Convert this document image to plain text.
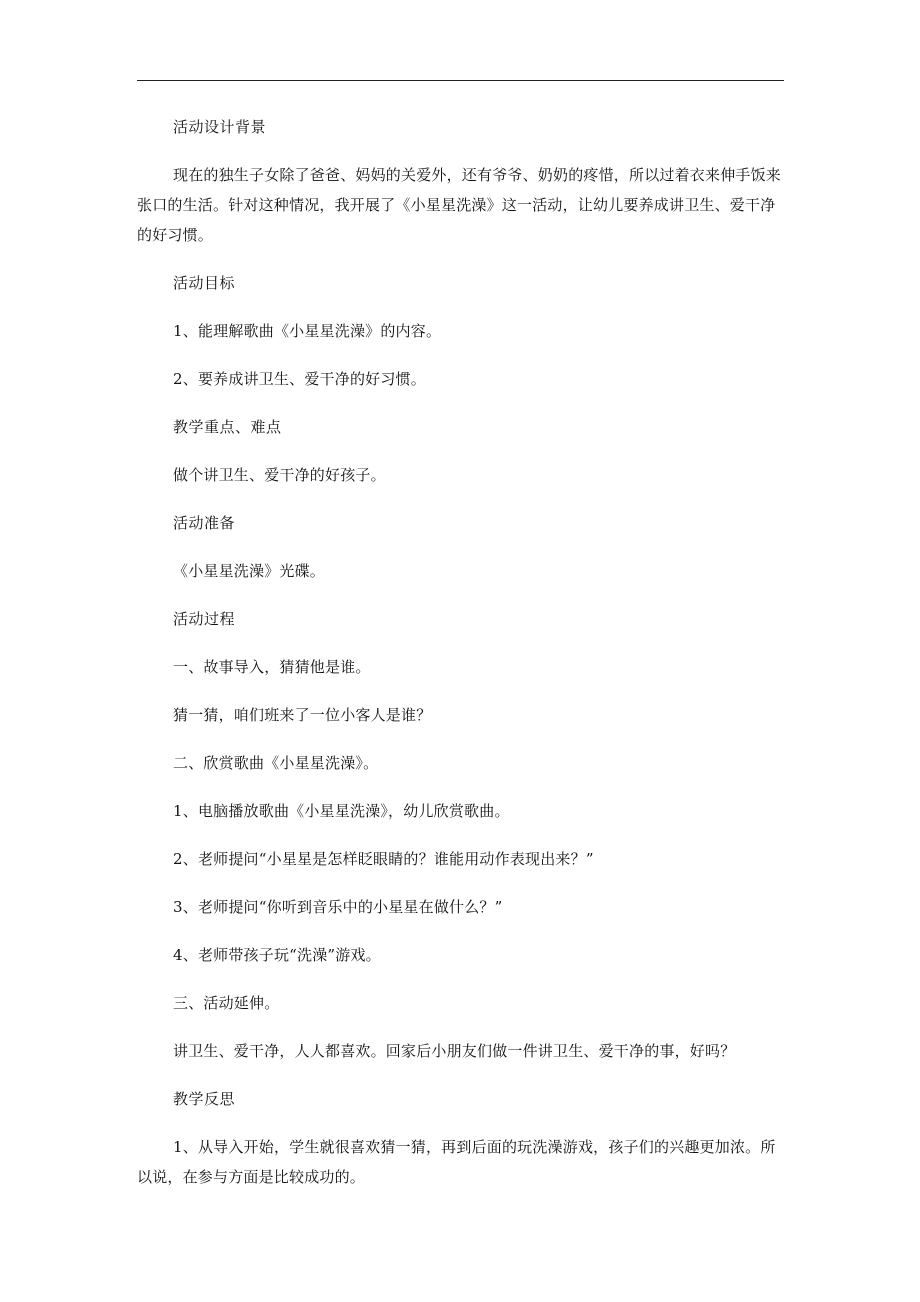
活动设计背景

现在的独生子女除了爸爸、妈妈的关爱外，还有爷爷、奶奶的疼惜，所以过着衣来伸手饭来张口的生活。针对这种情况，我开展了《小星星洗澡》这一活动，让幼儿要养成讲卫生、爱干净的好习惯。

活动目标

1、能理解歌曲《小星星洗澡》的内容。

2、要养成讲卫生、爱干净的好习惯。

教学重点、难点

做个讲卫生、爱干净的好孩子。

活动准备

《小星星洗澡》光碟。

活动过程

一、故事导入，猜猜他是谁。

猜一猜，咱们班来了一位小客人是谁？

二、欣赏歌曲《小星星洗澡》。

1、电脑播放歌曲《小星星洗澡》，幼儿欣赏歌曲。

2、老师提问“小星星是怎样眨眼睛的？谁能用动作表现出来？”

3、老师提问“你听到音乐中的小星星在做什么？”

4、老师带孩子玩“洗澡”游戏。

三、活动延伸。

讲卫生、爱干净，人人都喜欢。回家后小朋友们做一件讲卫生、爱干净的事，好吗？

教学反思

1、从导入开始，学生就很喜欢猜一猜，再到后面的玩洗澡游戏，孩子们的兴趣更加浓。所以说，在参与方面是比较成功的。
